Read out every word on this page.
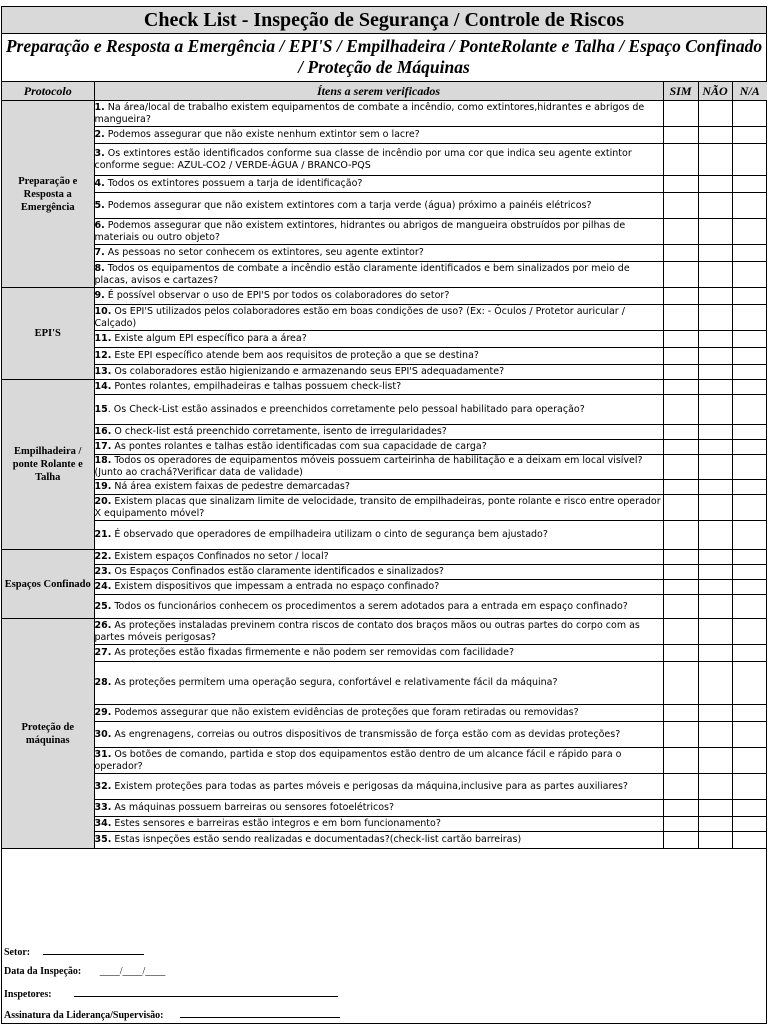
Check List - Inspeção de Segurança / Controle de Riscos
Preparação e Resposta a Emergência / EPI'S / Empilhadeira / PonteRolante e Talha / Espaço Confinado / Proteção de Máquinas
Protocolo	Ítens a serem verificados	SIM	NÃO	N/A
Preparação e Resposta a Emergência	1. Na área/local de trabalho existem equipamentos de combate a incêndio, como extintores,hidrantes e abrigos de mangueira?			
	2. Podemos assegurar que não existe nenhum extintor sem o lacre?			
	3. Os extintores estão identificados conforme sua classe de incêndio por uma cor que indica seu agente extintor conforme segue: AZUL-CO2 / VERDE-ÁGUA / BRANCO-PQS			
	4. Todos os extintores possuem a tarja de identificação?			
	5. Podemos assegurar que não existem extintores com a tarja verde (água) próximo a painéis elétricos?			
	6. Podemos assegurar que não existem extintores, hidrantes ou abrigos de mangueira obstruídos por pilhas de materiais ou outro objeto?			
	7. As pessoas no setor conhecem os extintores, seu agente extintor?			
	8. Todos os equipamentos de combate a incêndio estão claramente identificados e bem sinalizados por meio de placas, avisos e cartazes?			
EPI'S	9. É possível observar o uso de EPI'S por todos os colaboradores do setor?			
	10. Os EPI'S utilizados pelos colaboradores estão em boas condições de uso? (Ex: - Óculos / Protetor auricular / Calçado)			
	11. Existe algum EPI específico para a área?			
	12. Este EPI específico atende bem aos requisitos de proteção a que se destina?			
	13. Os colaboradores estão higienizando e armazenando seus EPI'S adequadamente?			
Empilhadeira / ponte Rolante e Talha	14. Pontes rolantes, empilhadeiras e talhas possuem check-list?			
	15. Os Check-List estão assinados e preenchidos corretamente pelo pessoal habilitado para operação?			
	16. O check-list está preenchido corretamente, isento de irregularidades?			
	17. As pontes rolantes e talhas estão identificadas com sua capacidade de carga?			
	18. Todos os operadores de equipamentos móveis possuem carteirinha de habilitação e a deixam em local visível? (Junto ao crachá?Verificar data de validade)			
	19. Ná área existem faixas de pedestre demarcadas?			
	20. Existem placas que sinalizam limite de velocidade, transito de empilhadeiras, ponte rolante e risco entre operador X equipamento móvel?			
	21. É observado que operadores de empilhadeira utilizam o cinto de segurança bem ajustado?			
Espaços Confinado	22. Existem espaços Confinados no setor / local?			
	23. Os Espaços Confinados estão claramente identificados e sinalizados?			
	24. Existem dispositivos que impessam a entrada no espaço confinado?			
	25. Todos os funcionários conhecem os procedimentos a serem adotados para a entrada em espaço confinado?			
Proteção de máquinas	26. As proteções instaladas previnem contra riscos de contato dos braços mãos ou outras partes do corpo com as partes móveis perigosas?			
	27. As proteções estão fixadas firmemente e não podem ser removidas com facilidade?			
	28. As proteções permitem uma operação segura, confortável e relativamente fácil da máquina?			
	29. Podemos assegurar que não existem evidências de proteções que foram retiradas ou removidas?			
	30. As engrenagens, correias ou outros dispositivos de transmissão de força estão com as devidas proteções?			
	31. Os botões de comando, partida e stop dos equipamentos estão dentro de um alcance fácil e rápido para o operador?			
	32. Existem proteções para todas as partes móveis e perigosas da máquina,inclusive para as partes auxiliares?			
	33. As máquinas possuem barreiras ou sensores fotoelétricos?			
	34. Estes sensores e barreiras estão integros e em bom funcionamento?			
	35. Estas isnpeções estão sendo realizadas e documentadas?(check-list cartão barreiras)			
Setor:
Data da Inspeção: ____/____/____
Inspetores:
Assinatura da Liderança/Supervisão:
